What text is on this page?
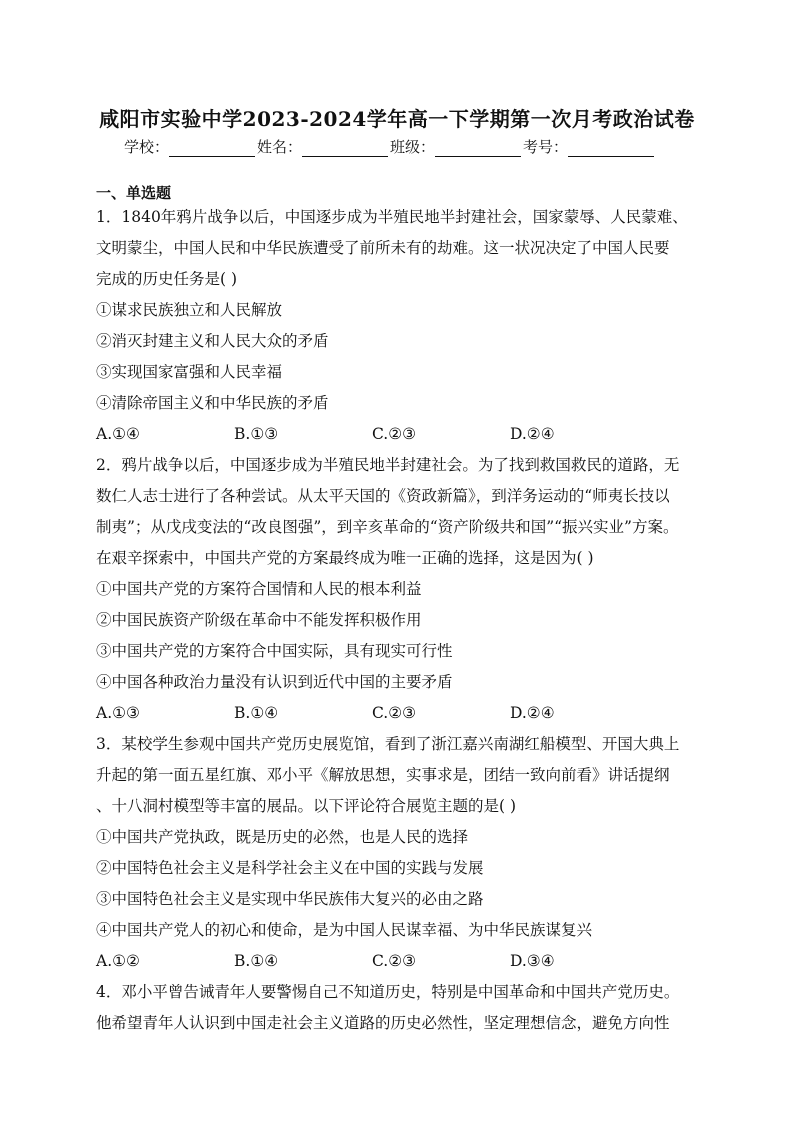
咸阳市实验中学2023-2024学年高一下学期第一次月考政治试卷
学校：	姓名：	班级：	考号：
一、单选题
1．1840年鸦片战争以后，中国逐步成为半殖民地半封建社会，国家蒙辱、人民蒙难、
文明蒙尘，中国人民和中华民族遭受了前所未有的劫难。这一状况决定了中国人民要
完成的历史任务是( )
①谋求民族独立和人民解放
②消灭封建主义和人民大众的矛盾
③实现国家富强和人民幸福
④清除帝国主义和中华民族的矛盾
A.①④	B.①③	C.②③	D.②④
2．鸦片战争以后，中国逐步成为半殖民地半封建社会。为了找到救国救民的道路，无
数仁人志士进行了各种尝试。从太平天国的《资政新篇》，到洋务运动的“师夷长技以
制夷”；从戊戌变法的“改良图强”，到辛亥革命的“资产阶级共和国”“振兴实业”方案。
在艰辛探索中，中国共产党的方案最终成为唯一正确的选择，这是因为( )
①中国共产党的方案符合国情和人民的根本利益
②中国民族资产阶级在革命中不能发挥积极作用
③中国共产党的方案符合中国实际，具有现实可行性
④中国各种政治力量没有认识到近代中国的主要矛盾
A.①③	B.①④	C.②③	D.②④
3．某校学生参观中国共产党历史展览馆，看到了浙江嘉兴南湖红船模型、开国大典上
升起的第一面五星红旗、邓小平《解放思想，实事求是，团结一致向前看》讲话提纲
、十八洞村模型等丰富的展品。以下评论符合展览主题的是( )
①中国共产党执政，既是历史的必然，也是人民的选择
②中国特色社会主义是科学社会主义在中国的实践与发展
③中国特色社会主义是实现中华民族伟大复兴的必由之路
④中国共产党人的初心和使命，是为中国人民谋幸福、为中华民族谋复兴
A.①②	B.①④	C.②③	D.③④
4．邓小平曾告诫青年人要警惕自己不知道历史，特别是中国革命和中国共产党历史。
他希望青年人认识到中国走社会主义道路的历史必然性，坚定理想信念，避免方向性
